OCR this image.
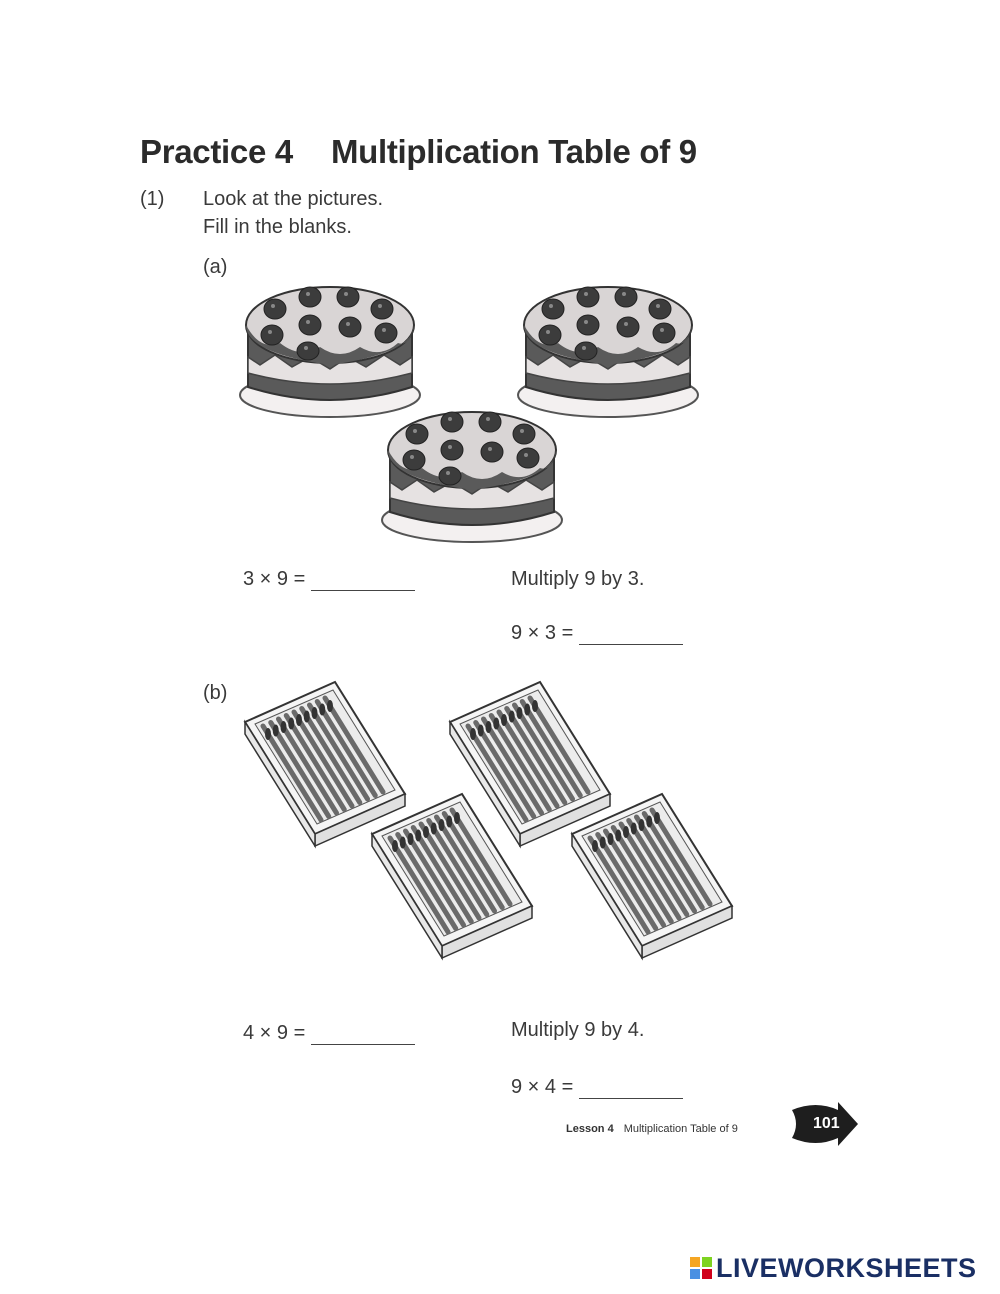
Practice 4 Multiplication Table of 9
(1) Look at the pictures.
Fill in the blanks.
(a)
3 × 9 =	Multiply 9 by 3.
9 × 3 =
(b)
4 × 9 =	Multiply 9 by 4.
9 × 4 =
Lesson 4 Multiplication Table of 9	101
LIVEWORKSHEETS
